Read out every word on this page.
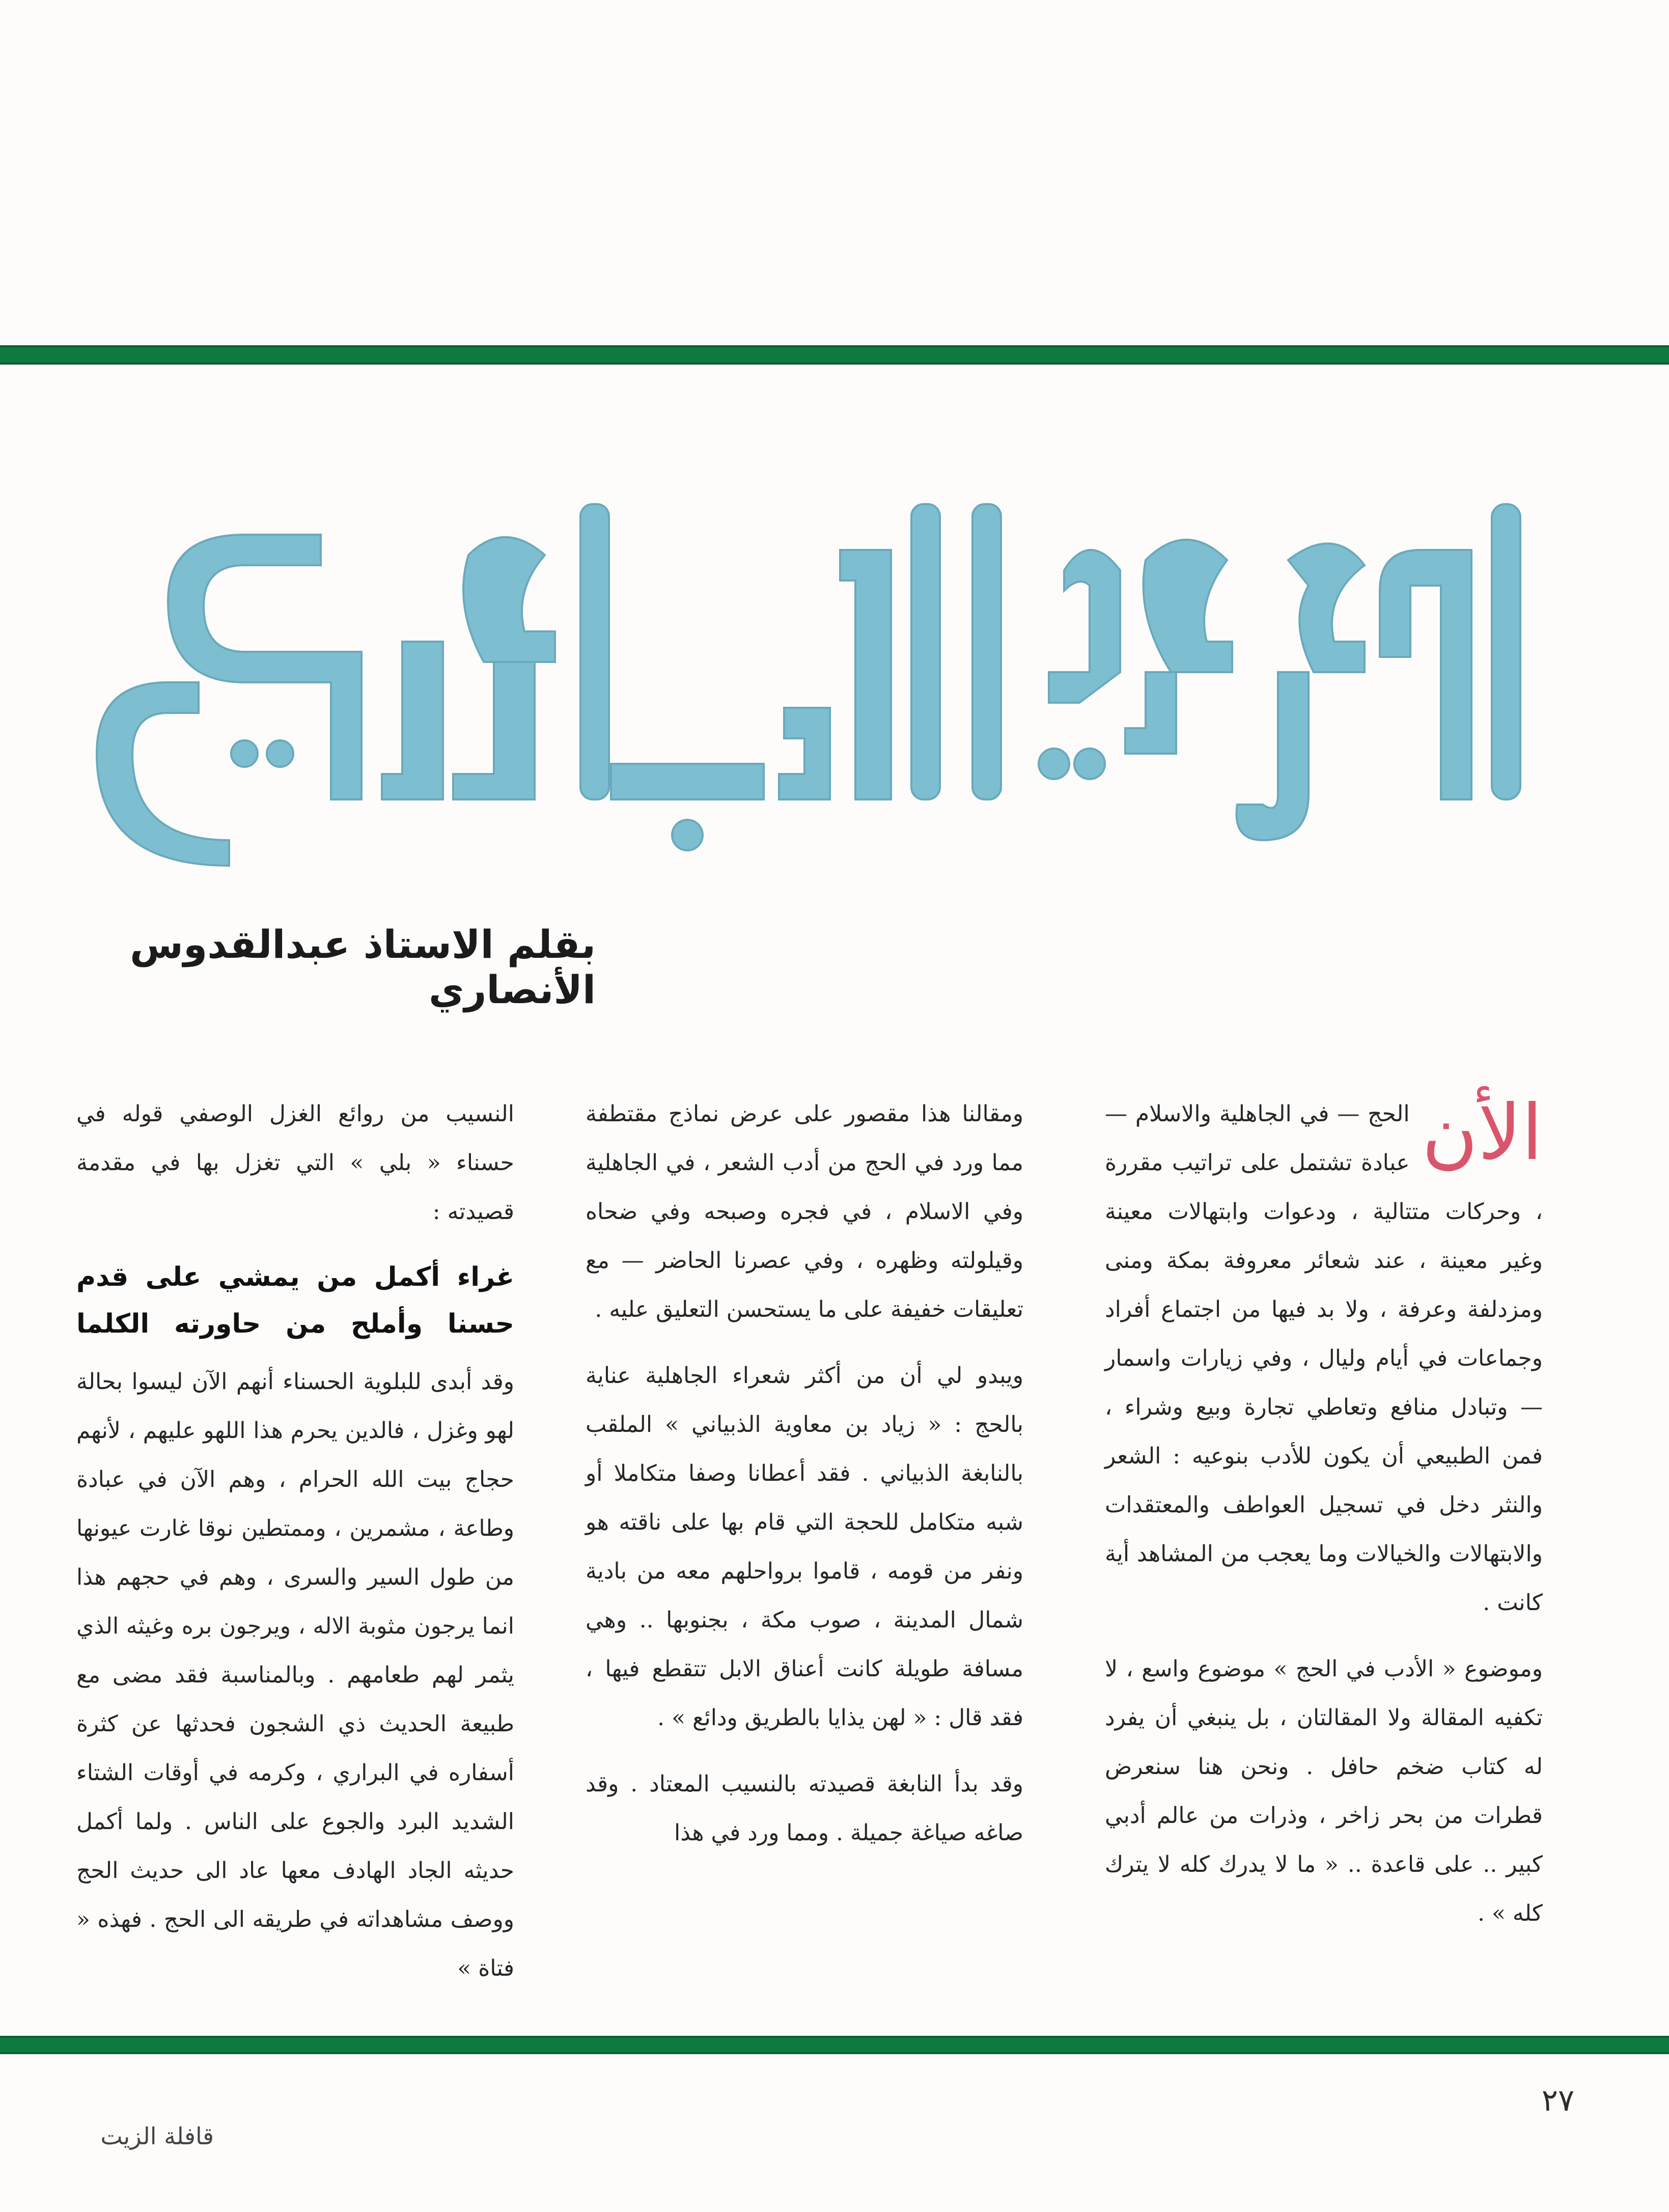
بقلم الاستاذ عبدالقدوس الأنصاري
الأن

الحج — في الجاهلية والاسلام — عبادة تشتمل على تراتيب مقررة ، وحركات متتالية ، ودعوات وابتهالات معينة وغير معينة ، عند شعائر معروفة بمكة ومنى ومزدلفة وعرفة ، ولا بد فيها من اجتماع أفراد وجماعات في أيام وليال ، وفي زيارات واسمار — وتبادل منافع وتعاطي تجارة وبيع وشراء ، فمن الطبيعي أن يكون للأدب بنوعيه : الشعر والنثر دخل في تسجيل العواطف والمعتقدات والابتهالات والخيالات وما يعجب من المشاهد أية كانت .

وموضوع « الأدب في الحج » موضوع واسع ، لا تكفيه المقالة ولا المقالتان ، بل ينبغي أن يفرد له كتاب ضخم حافل . ونحن هنا سنعرض قطرات من بحر زاخر ، وذرات من عالم أدبي كبير .. على قاعدة .. « ما لا يدرك كله لا يترك كله » .

ومقالنا هذا مقصور على عرض نماذج مقتطفة مما ورد في الحج من أدب الشعر ، في الجاهلية وفي الاسلام ، في فجره وصبحه وفي ضحاه وقيلولته وظهره ، وفي عصرنا الحاضر — مع تعليقات خفيفة على ما يستحسن التعليق عليه .

ويبدو لي أن من أكثر شعراء الجاهلية عناية بالحج : « زياد بن معاوية الذبياني » الملقب بالنابغة الذبياني . فقد أعطانا وصفا متكاملا أو شبه متكامل للحجة التي قام بها على ناقته هو ونفر من قومه ، قاموا برواحلهم معه من بادية شمال المدينة ، صوب مكة ، بجنوبها .. وهي مسافة طويلة كانت أعناق الابل تتقطع فيها ، فقد قال : « لهن يذايا بالطريق ودائع » .

وقد بدأ النابغة قصيدته بالنسيب المعتاد . وقد صاغه صياغة جميلة . ومما ورد في هذا

النسيب من روائع الغزل الوصفي قوله في حسناء « بلي » التي تغزل بها في مقدمة قصيدته :

غراء أكمل من يمشي على قدم
حسنا وأملح من حاورته الكلما

وقد أبدى للبلوية الحسناء أنهم الآن ليسوا بحالة لهو وغزل ، فالدين يحرم هذا اللهو عليهم ، لأنهم حجاج بيت الله الحرام ، وهم الآن في عبادة وطاعة ، مشمرين ، وممتطين نوقا غارت عيونها من طول السير والسرى ، وهم في حجهم هذا انما يرجون مثوبة الاله ، ويرجون بره وغيثه الذي يثمر لهم طعامهم . وبالمناسبة فقد مضى مع طبيعة الحديث ذي الشجون فحدثها عن كثرة أسفاره في البراري ، وكرمه في أوقات الشتاء الشديد البرد والجوع على الناس . ولما أكمل حديثه الجاد الهادف معها عاد الى حديث الحج ووصف مشاهداته في طريقه الى الحج . فهذه « فتاة »

٢٧
قافلة الزيت
